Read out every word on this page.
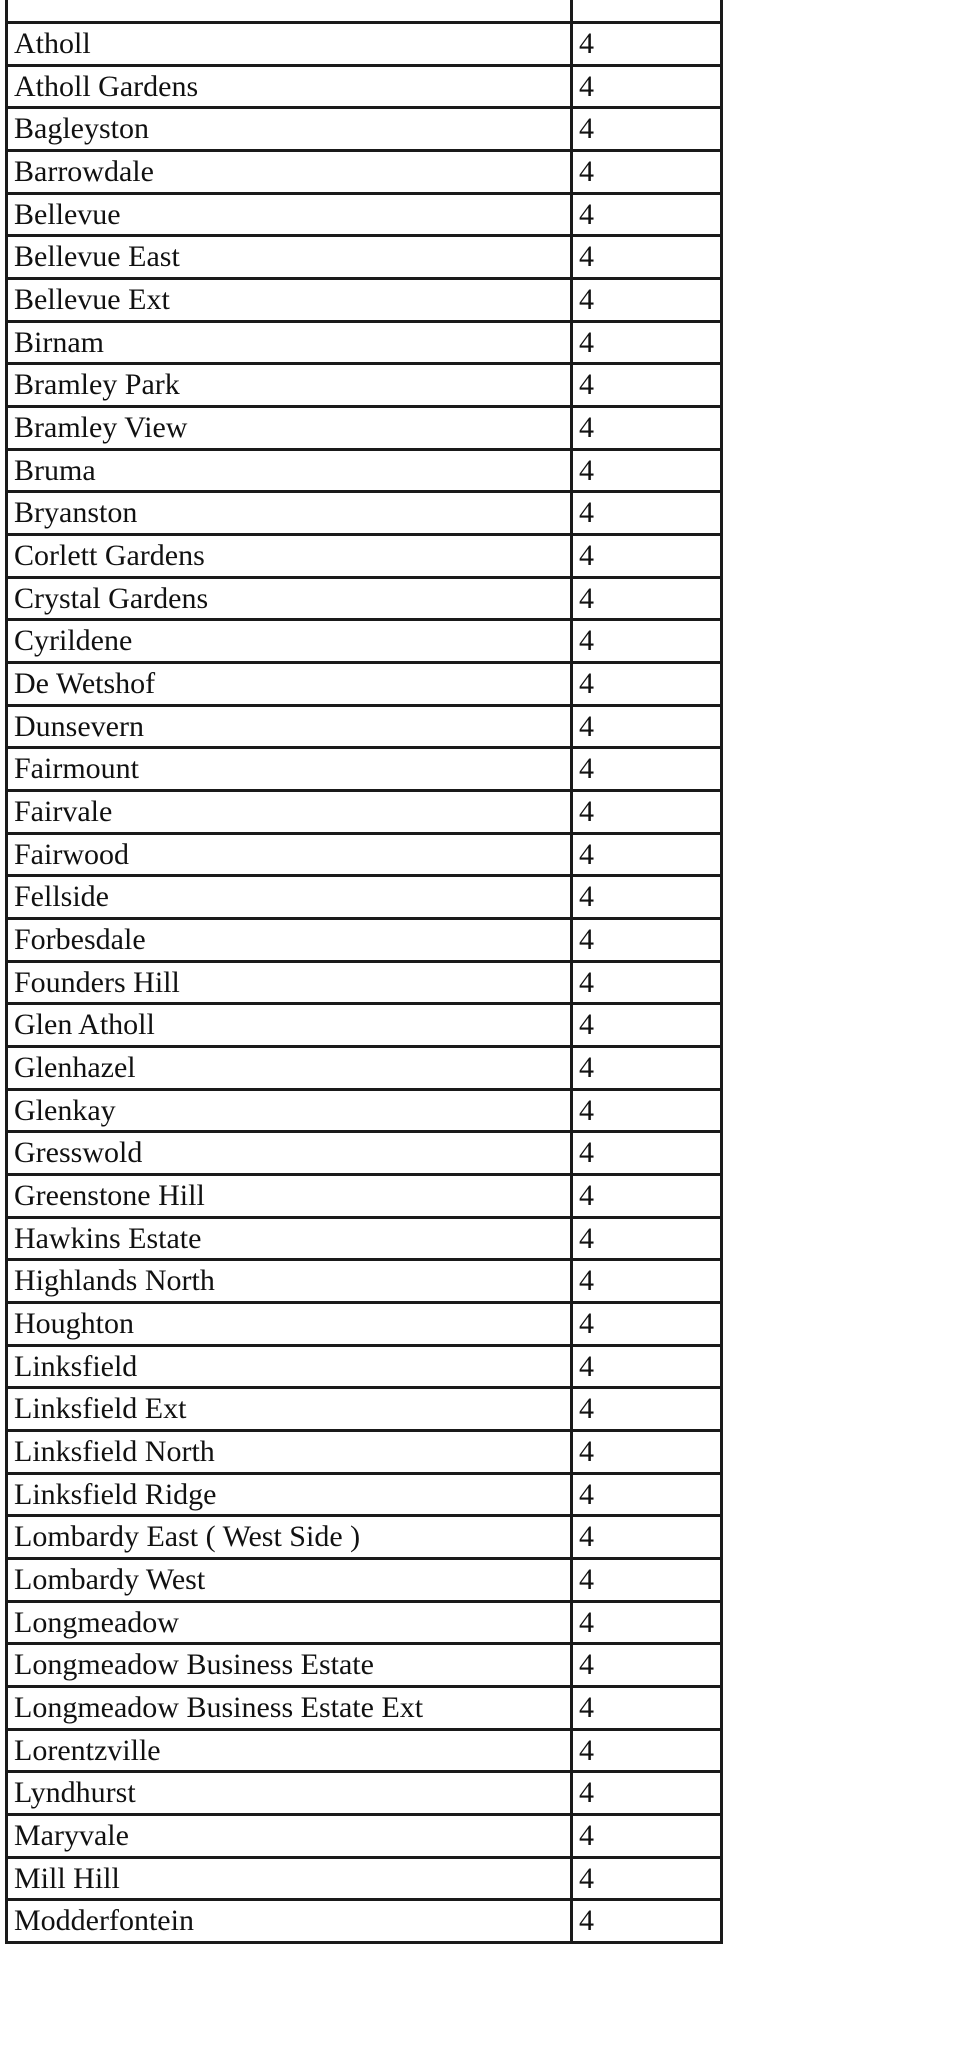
Atholl	4
Atholl Gardens	4
Bagleyston	4
Barrowdale	4
Bellevue	4
Bellevue East	4
Bellevue Ext	4
Birnam	4
Bramley Park	4
Bramley View	4
Bruma	4
Bryanston	4
Corlett Gardens	4
Crystal Gardens	4
Cyrildene	4
De Wetshof	4
Dunsevern	4
Fairmount	4
Fairvale	4
Fairwood	4
Fellside	4
Forbesdale	4
Founders Hill	4
Glen Atholl	4
Glenhazel	4
Glenkay	4
Gresswold	4
Greenstone Hill	4
Hawkins Estate	4
Highlands North	4
Houghton	4
Linksfield	4
Linksfield Ext	4
Linksfield North	4
Linksfield Ridge	4
Lombardy East ( West Side )	4
Lombardy West	4
Longmeadow	4
Longmeadow Business Estate	4
Longmeadow Business Estate Ext	4
Lorentzville	4
Lyndhurst	4
Maryvale	4
Mill Hill	4
Modderfontein	4
